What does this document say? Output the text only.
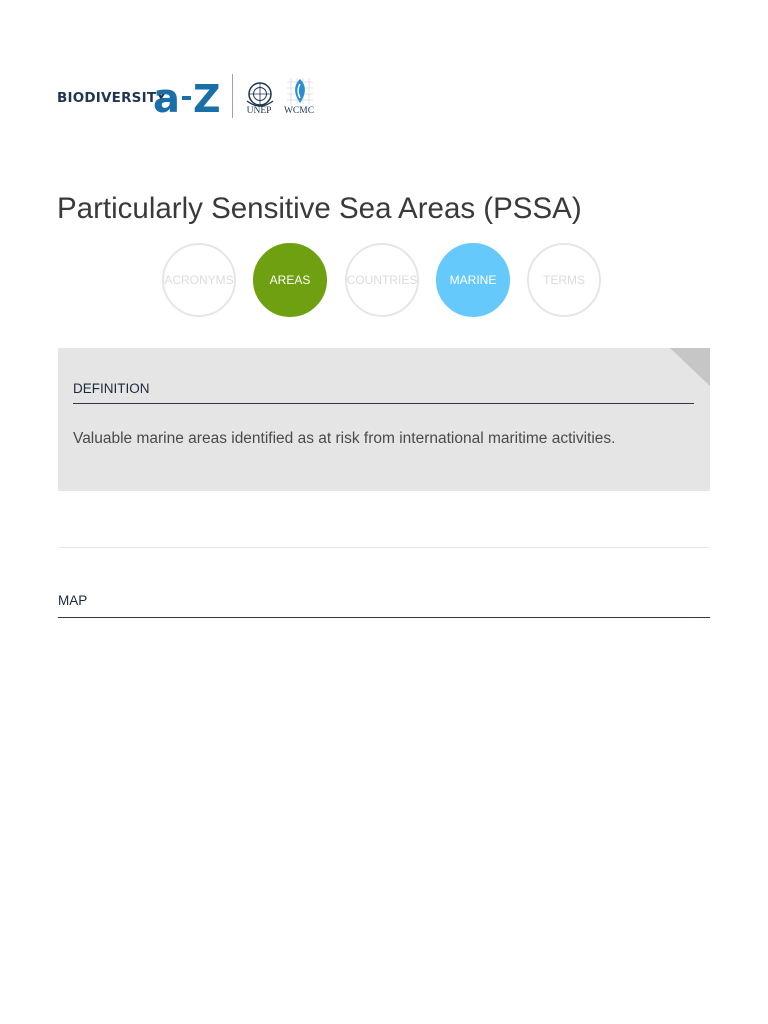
BIODIVERSITY
a Z	UNEP	WCMC
Particularly Sensitive Sea Areas (PSSA)
ACRONYMS	AREAS	COUNTRIES	MARINE	TERMS
DEFINITION
Valuable marine areas identified as at risk from international maritime activities.
MAP
